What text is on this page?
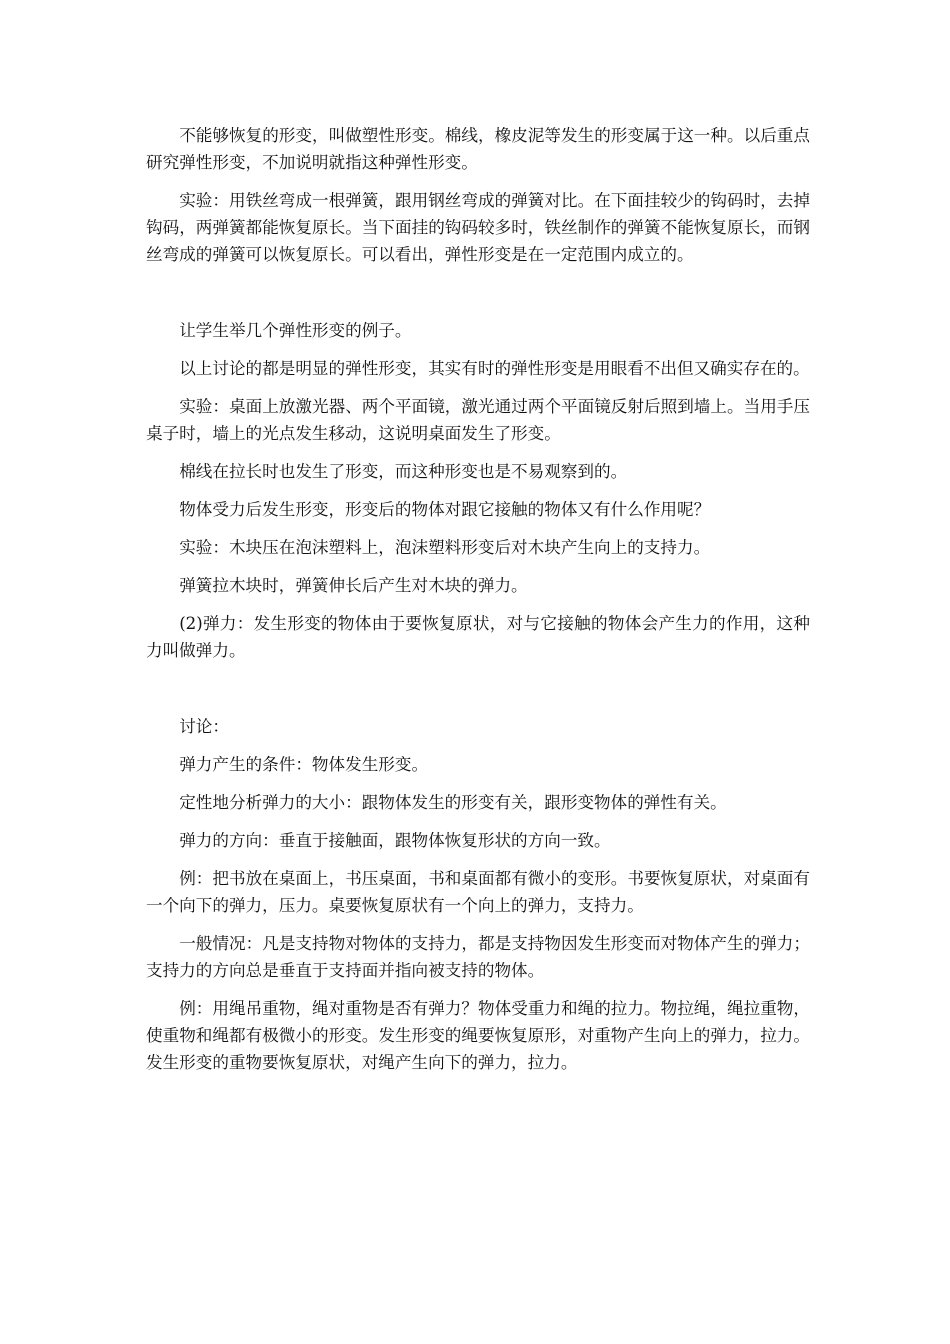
不能够恢复的形变，叫做塑性形变。棉线，橡皮泥等发生的形变属于这一种。以后重点研究弹性形变，不加说明就指这种弹性形变。

实验：用铁丝弯成一根弹簧，跟用钢丝弯成的弹簧对比。在下面挂较少的钩码时，去掉钩码，两弹簧都能恢复原长。当下面挂的钩码较多时，铁丝制作的弹簧不能恢复原长，而钢丝弯成的弹簧可以恢复原长。可以看出，弹性形变是在一定范围内成立的。

让学生举几个弹性形变的例子。

以上讨论的都是明显的弹性形变，其实有时的弹性形变是用眼看不出但又确实存在的。

实验：桌面上放激光器、两个平面镜，激光通过两个平面镜反射后照到墙上。当用手压桌子时，墙上的光点发生移动，这说明桌面发生了形变。

棉线在拉长时也发生了形变，而这种形变也是不易观察到的。

物体受力后发生形变，形变后的物体对跟它接触的物体又有什么作用呢？

实验：木块压在泡沫塑料上，泡沫塑料形变后对木块产生向上的支持力。

弹簧拉木块时，弹簧伸长后产生对木块的弹力。

(2)弹力：发生形变的物体由于要恢复原状，对与它接触的物体会产生力的作用，这种力叫做弹力。

讨论：

弹力产生的条件：物体发生形变。

定性地分析弹力的大小：跟物体发生的形变有关，跟形变物体的弹性有关。

弹力的方向：垂直于接触面，跟物体恢复形状的方向一致。

例：把书放在桌面上，书压桌面，书和桌面都有微小的变形。书要恢复原状，对桌面有一个向下的弹力，压力。桌要恢复原状有一个向上的弹力，支持力。

一般情况：凡是支持物对物体的支持力，都是支持物因发生形变而对物体产生的弹力；支持力的方向总是垂直于支持面并指向被支持的物体。

例：用绳吊重物，绳对重物是否有弹力？物体受重力和绳的拉力。物拉绳，绳拉重物，使重物和绳都有极微小的形变。发生形变的绳要恢复原形，对重物产生向上的弹力，拉力。发生形变的重物要恢复原状，对绳产生向下的弹力，拉力。
